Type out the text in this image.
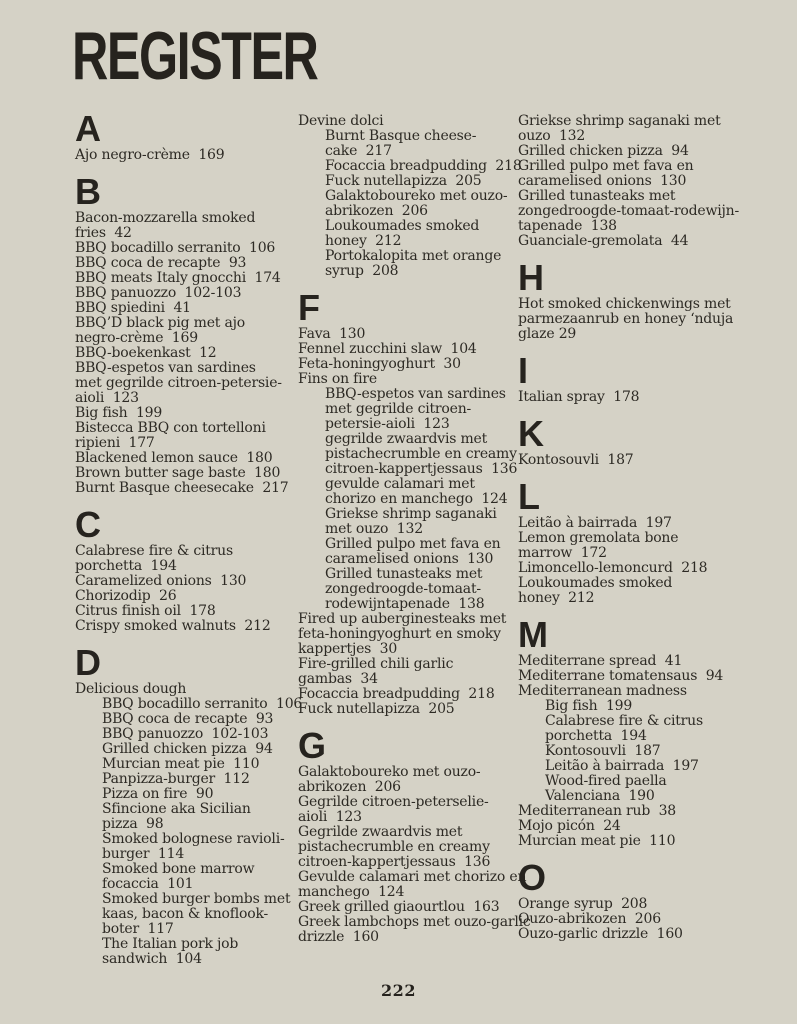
REGISTER
A
Ajo negro-crème  169
B
Bacon-mozzarella smoked
fries  42
BBQ bocadillo serranito  106
BBQ coca de recapte  93
BBQ meats Italy gnocchi  174
BBQ panuozzo  102-103
BBQ spiedini  41
BBQ’D black pig met ajo
negro-crème  169
BBQ-boekenkast  12
BBQ-espetos van sardines
met gegrilde citroen-petersie-
aioli  123
Big fish  199
Bistecca BBQ con tortelloni
ripieni  177
Blackened lemon sauce  180
Brown butter sage baste  180
Burnt Basque cheesecake  217
C
Calabrese fire & citrus
porchetta  194
Caramelized onions  130
Chorizodip  26
Citrus finish oil  178
Crispy smoked walnuts  212
D
Delicious dough
BBQ bocadillo serranito  106
BBQ coca de recapte  93
BBQ panuozzo  102-103
Grilled chicken pizza  94
Murcian meat pie  110
Panpizza-burger  112
Pizza on fire  90
Sfincione aka Sicilian
pizza  98
Smoked bolognese ravioli-
burger  114
Smoked bone marrow
focaccia  101
Smoked burger bombs met
kaas, bacon & knoflook-
boter  117
The Italian pork job
sandwich  104
Devine dolci
Burnt Basque cheese-
cake  217
Focaccia breadpudding  218
Fuck nutellapizza  205
Galaktoboureko met ouzo-
abrikozen  206
Loukoumades smoked
honey  212
Portokalopita met orange
syrup  208
F
Fava  130
Fennel zucchini slaw  104
Feta-honingyoghurt  30
Fins on fire
BBQ-espetos van sardines
met gegrilde citroen-
petersie-aioli  123
gegrilde zwaardvis met
pistachecrumble en creamy
citroen-kappertjessaus  136
gevulde calamari met
chorizo en manchego  124
Griekse shrimp saganaki
met ouzo  132
Grilled pulpo met fava en
caramelised onions  130
Grilled tunasteaks met
zongedroogde-tomaat-
rodewijntapenade  138
Fired up auberginesteaks met
feta-honingyoghurt en smoky
kappertjes  30
Fire-grilled chili garlic
gambas  34
Focaccia breadpudding  218
Fuck nutellapizza  205
G
Galaktoboureko met ouzo-
abrikozen  206
Gegrilde citroen-peterselie-
aioli  123
Gegrilde zwaardvis met
pistachecrumble en creamy
citroen-kappertjessaus  136
Gevulde calamari met chorizo en
manchego  124
Greek grilled giaourtlou  163
Greek lambchops met ouzo-garlic
drizzle  160
Griekse shrimp saganaki met
ouzo  132
Grilled chicken pizza  94
Grilled pulpo met fava en
caramelised onions  130
Grilled tunasteaks met
zongedroogde-tomaat-rodewijn-
tapenade  138
Guanciale-gremolata  44
H
Hot smoked chickenwings met
parmezaanrub en honey ‘nduja
glaze 29
I
Italian spray  178
K
Kontosouvli  187
L
Leitão à bairrada  197
Lemon gremolata bone
marrow  172
Limoncello-lemoncurd  218
Loukoumades smoked
honey  212
M
Mediterrane spread  41
Mediterrane tomatensaus  94
Mediterranean madness
Big fish  199
Calabrese fire & citrus
porchetta  194
Kontosouvli  187
Leitão à bairrada  197
Wood-fired paella
Valenciana  190
Mediterranean rub  38
Mojo picón  24
Murcian meat pie  110
O
Orange syrup  208
Ouzo-abrikozen  206
Ouzo-garlic drizzle  160
222
